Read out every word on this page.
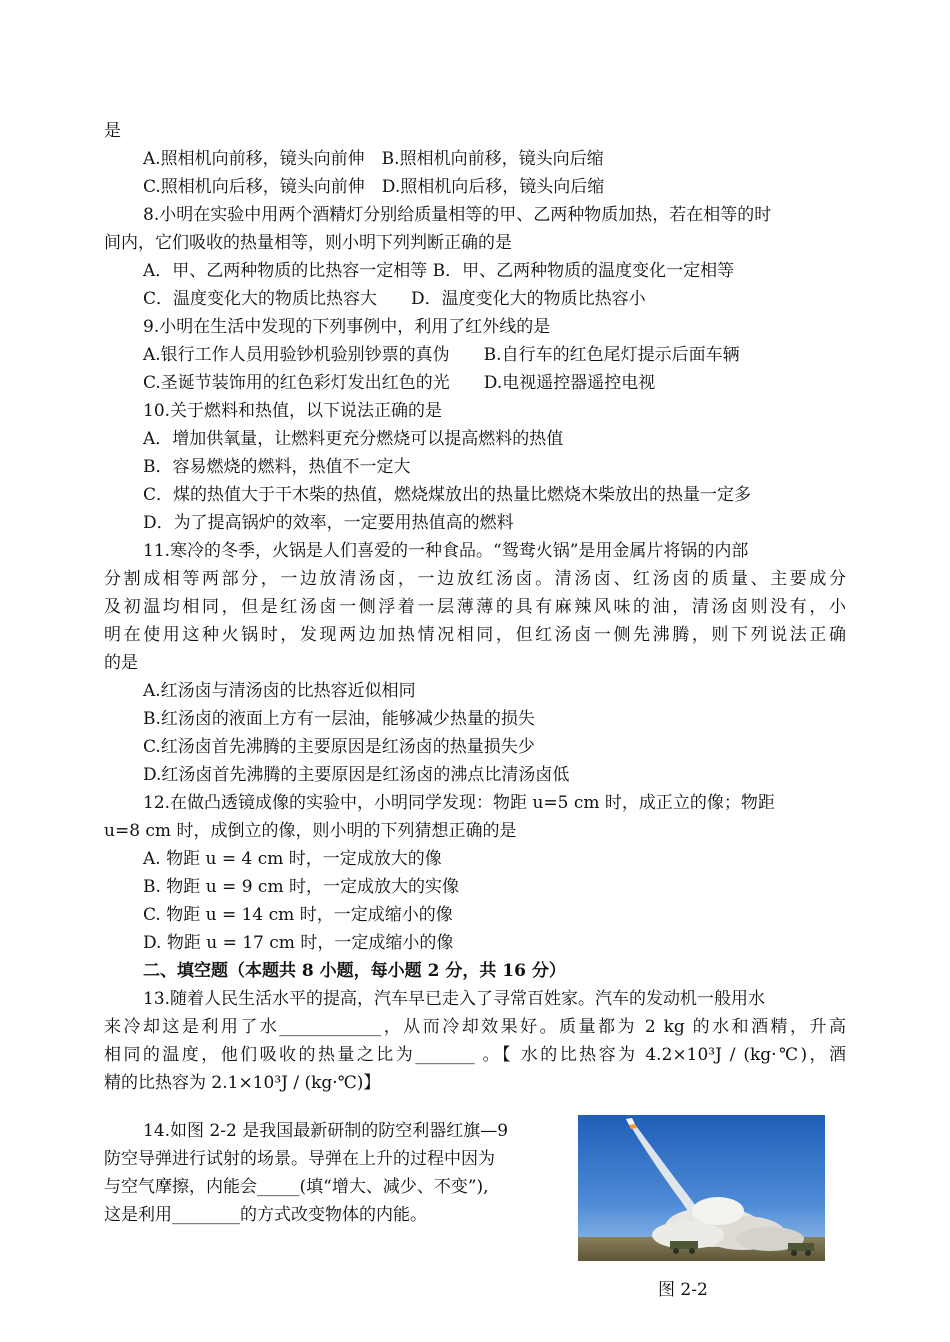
是
A.照相机向前移，镜头向前伸　B.照相机向前移，镜头向后缩
C.照相机向后移，镜头向前伸　D.照相机向后移，镜头向后缩
8.小明在实验中用两个酒精灯分别给质量相等的甲、乙两种物质加热，若在相等的时
间内，它们吸收的热量相等，则小明下列判断正确的是
A．甲、乙两种物质的比热容一定相等 B．甲、乙两种物质的温度变化一定相等
C．温度变化大的物质比热容大　　D．温度变化大的物质比热容小
9.小明在生活中发现的下列事例中，利用了红外线的是
A.银行工作人员用验钞机验别钞票的真伪　　B.自行车的红色尾灯提示后面车辆
C.圣诞节装饰用的红色彩灯发出红色的光　　D.电视遥控器遥控电视
10.关于燃料和热值，以下说法正确的是
A．增加供氧量，让燃料更充分燃烧可以提高燃料的热值
B．容易燃烧的燃料，热值不一定大
C．煤的热值大于干木柴的热值，燃烧煤放出的热量比燃烧木柴放出的热量一定多
D．为了提高锅炉的效率，一定要用热值高的燃料
11.寒冷的冬季，火锅是人们喜爱的一种食品。“鸳鸯火锅”是用金属片将锅的内部
分割成相等两部分，一边放清汤卤，一边放红汤卤。清汤卤、红汤卤的质量、主要成分
及初温均相同，但是红汤卤一侧浮着一层薄薄的具有麻辣风味的油，清汤卤则没有，小
明在使用这种火锅时，发现两边加热情况相同，但红汤卤一侧先沸腾，则下列说法正确
的是
A.红汤卤与清汤卤的比热容近似相同
B.红汤卤的液面上方有一层油，能够减少热量的损失
C.红汤卤首先沸腾的主要原因是红汤卤的热量损失少
D.红汤卤首先沸腾的主要原因是红汤卤的沸点比清汤卤低
12.在做凸透镜成像的实验中，小明同学发现：物距 u=5 cm 时，成正立的像；物距
u=8 cm 时，成倒立的像，则小明的下列猜想正确的是
A. 物距 u = 4 cm 时，一定成放大的像
B. 物距 u = 9 cm 时，一定成放大的实像
C. 物距 u = 14 cm 时，一定成缩小的像
D. 物距 u = 17 cm 时，一定成缩小的像
二、填空题（本题共 8 小题，每小题 2 分，共 16 分）
13.随着人民生活水平的提高，汽车早已走入了寻常百姓家。汽车的发动机一般用水
来冷却这是利用了水____________，从而冷却效果好。质量都为 2 kg 的水和酒精，升高
相同的温度，他们吸收的热量之比为_______ 。【 水的比热容为 4.2×10³J / (kg·℃)，酒
精的比热容为 2.1×10³J / (kg·℃)】
14.如图 2-2 是我国最新研制的防空利器红旗—9
防空导弹进行试射的场景。导弹在上升的过程中因为
与空气摩擦，内能会_____(填“增大、减少、不变”),
这是利用________的方式改变物体的内能。
图 2-2
